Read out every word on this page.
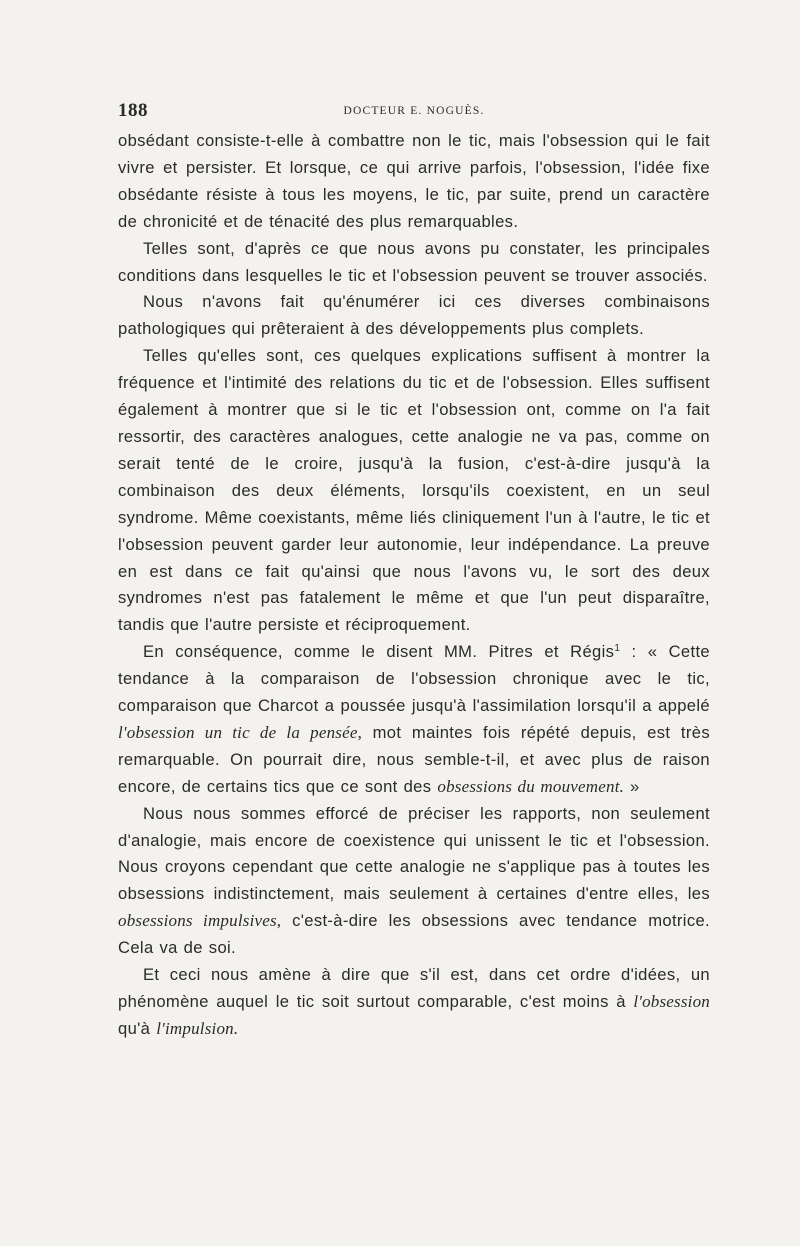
188	DOCTEUR E. NOGUÈS.

obsédant consiste-t-elle à combattre non le tic, mais l'obsession qui le fait vivre et persister. Et lorsque, ce qui arrive parfois, l'obsession, l'idée fixe obsédante résiste à tous les moyens, le tic, par suite, prend un caractère de chronicité et de ténacité des plus remarquables.

Telles sont, d'après ce que nous avons pu constater, les principales conditions dans lesquelles le tic et l'obsession peuvent se trouver associés.

Nous n'avons fait qu'énumérer ici ces diverses combinaisons pathologiques qui prêteraient à des développements plus complets.

Telles qu'elles sont, ces quelques explications suffisent à montrer la fréquence et l'intimité des relations du tic et de l'obsession. Elles suffisent également à montrer que si le tic et l'obsession ont, comme on l'a fait ressortir, des caractères analogues, cette analogie ne va pas, comme on serait tenté de le croire, jusqu'à la fusion, c'est-à-dire jusqu'à la combinaison des deux éléments, lorsqu'ils coexistent, en un seul syndrome. Même coexistants, même liés cliniquement l'un à l'autre, le tic et l'obsession peuvent garder leur autonomie, leur indépendance. La preuve en est dans ce fait qu'ainsi que nous l'avons vu, le sort des deux syndromes n'est pas fatalement le même et que l'un peut disparaître, tandis que l'autre persiste et réciproquement.

En conséquence, comme le disent MM. Pitres et Régis$^1$ : « Cette tendance à la comparaison de l'obsession chronique avec le tic, comparaison que Charcot a poussée jusqu'à l'assimilation lorsqu'il a appelé l'obsession un tic de la pensée, mot maintes fois répété depuis, est très remarquable. On pourrait dire, nous semble-t-il, et avec plus de raison encore, de certains tics que ce sont des obsessions du mouvement. »

Nous nous sommes efforcé de préciser les rapports, non seulement d'analogie, mais encore de coexistence qui unissent le tic et l'obsession. Nous croyons cependant que cette analogie ne s'applique pas à toutes les obsessions indistinctement, mais seulement à certaines d'entre elles, les obsessions impulsives, c'est-à-dire les obsessions avec tendance motrice. Cela va de soi.

Et ceci nous amène à dire que s'il est, dans cet ordre d'idées, un phénomène auquel le tic soit surtout comparable, c'est moins à l'obsession qu'à l'impulsion.
